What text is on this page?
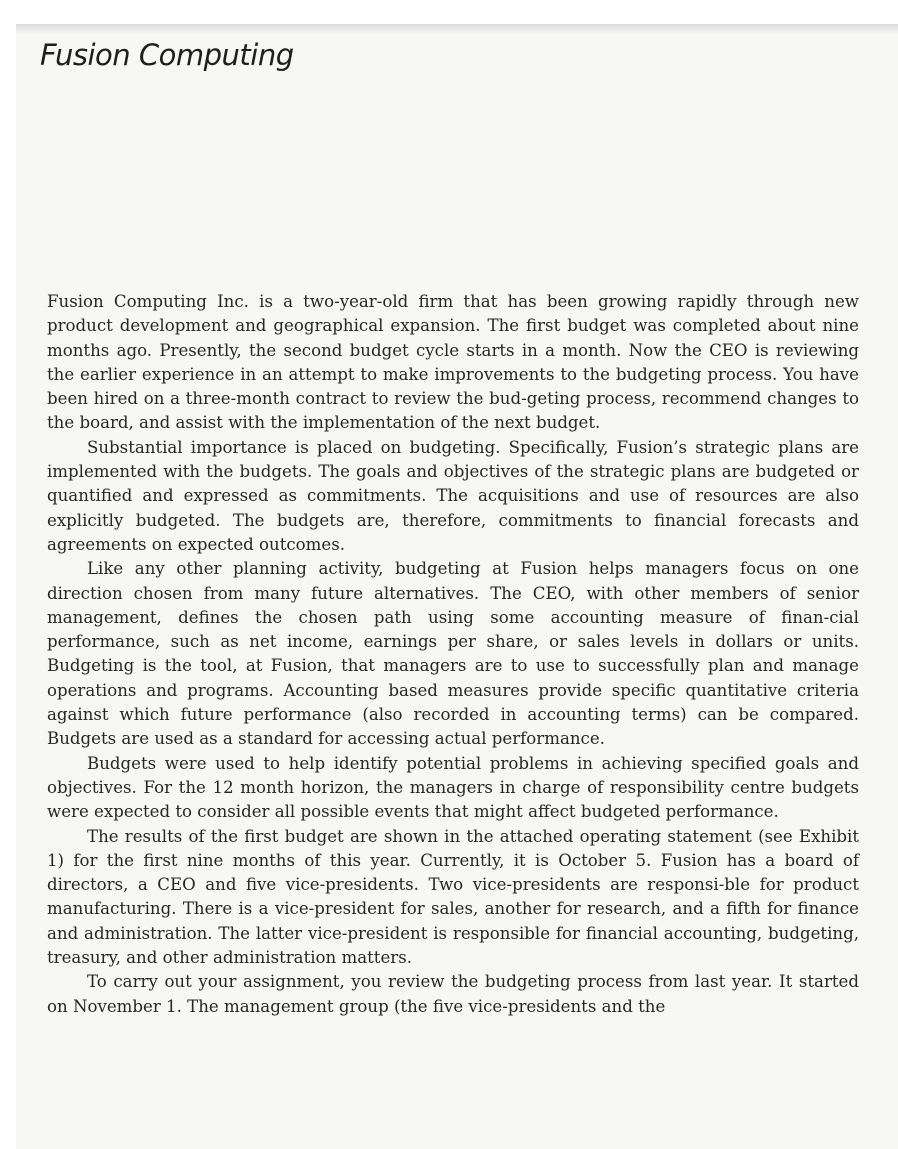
Fusion Computing

Fusion Computing Inc. is a two-year-old firm that has been growing rapidly through new product development and geographical expansion. The first budget was completed about nine months ago. Presently, the second budget cycle starts in a month. Now the CEO is reviewing the earlier experience in an attempt to make improvements to the budgeting process. You have been hired on a three-month contract to review the bud-geting process, recommend changes to the board, and assist with the implementation of the next budget.

Substantial importance is placed on budgeting. Specifically, Fusion’s strategic plans are implemented with the budgets. The goals and objectives of the strategic plans are budgeted or quantified and expressed as commitments. The acquisitions and use of resources are also explicitly budgeted. The budgets are, therefore, commitments to financial forecasts and agreements on expected outcomes.

Like any other planning activity, budgeting at Fusion helps managers focus on one direction chosen from many future alternatives. The CEO, with other members of senior management, defines the chosen path using some accounting measure of finan-cial performance, such as net income, earnings per share, or sales levels in dollars or units. Budgeting is the tool, at Fusion, that managers are to use to successfully plan and manage operations and programs. Accounting based measures provide specific quantitative criteria against which future performance (also recorded in accounting terms) can be compared. Budgets are used as a standard for accessing actual performance.

Budgets were used to help identify potential problems in achieving specified goals and objectives. For the 12 month horizon, the managers in charge of responsibility centre budgets were expected to consider all possible events that might affect budgeted performance.

The results of the first budget are shown in the attached operating statement (see Exhibit 1) for the first nine months of this year. Currently, it is October 5. Fusion has a board of directors, a CEO and five vice-presidents. Two vice-presidents are responsi-ble for product manufacturing. There is a vice-president for sales, another for research, and a fifth for finance and administration. The latter vice-president is responsible for financial accounting, budgeting, treasury, and other administration matters.

To carry out your assignment, you review the budgeting process from last year. It started on November 1. The management group (the five vice-presidents and the
